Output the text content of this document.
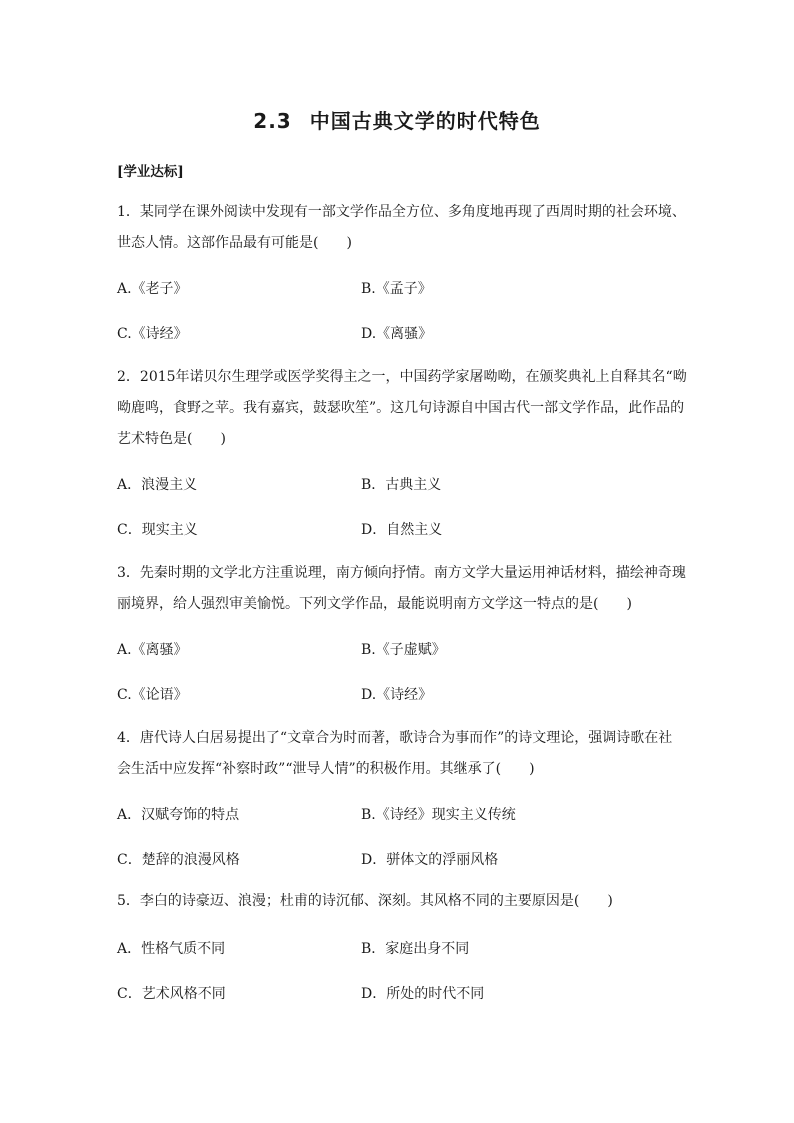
2.3 中国古典文学的时代特色
[学业达标]
1．某同学在课外阅读中发现有一部文学作品全方位、多角度地再现了西周时期的社会环境、
世态人情。这部作品最有可能是(　　)
A.《老子》	B.《孟子》
C.《诗经》	D.《离骚》
2．2015年诺贝尔生理学或医学奖得主之一，中国药学家屠呦呦，在颁奖典礼上自释其名“呦
呦鹿鸣，食野之苹。我有嘉宾，鼓瑟吹笙”。这几句诗源自中国古代一部文学作品，此作品的
艺术特色是(　　)
A．浪漫主义	B．古典主义
C．现实主义	D．自然主义
3．先秦时期的文学北方注重说理，南方倾向抒情。南方文学大量运用神话材料，描绘神奇瑰
丽境界，给人强烈审美愉悦。下列文学作品，最能说明南方文学这一特点的是(　　)
A.《离骚》	B.《子虚赋》
C.《论语》	D.《诗经》
4．唐代诗人白居易提出了“文章合为时而著，歌诗合为事而作”的诗文理论，强调诗歌在社
会生活中应发挥“补察时政”“泄导人情”的积极作用。其继承了(　　)
A．汉赋夸饰的特点	B.《诗经》现实主义传统
C．楚辞的浪漫风格	D．骈体文的浮丽风格
5．李白的诗豪迈、浪漫；杜甫的诗沉郁、深刻。其风格不同的主要原因是(　　)
A．性格气质不同	B．家庭出身不同
C．艺术风格不同	D．所处的时代不同
